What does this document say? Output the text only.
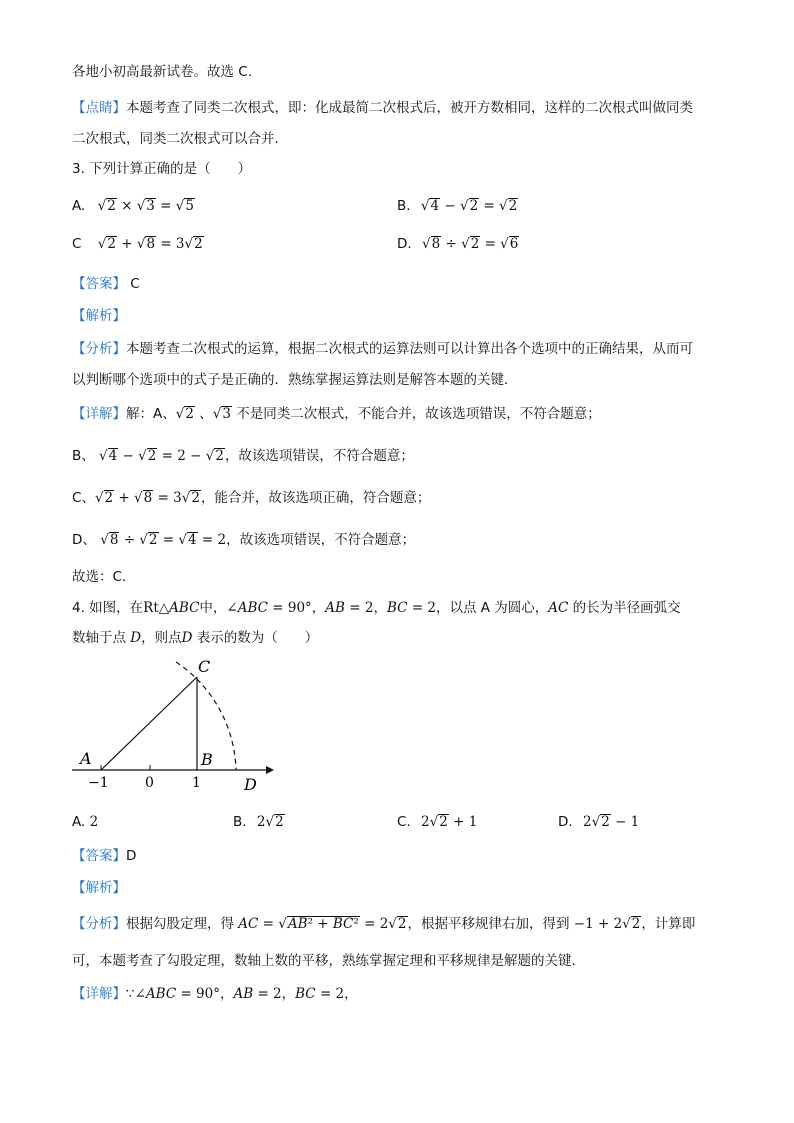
各地小初高最新试卷。故选 C.
【点睛】本题考查了同类二次根式，即：化成最简二次根式后，被开方数相同，这样的二次根式叫做同类
二次根式，同类二次根式可以合并.
3. 下列计算正确的是（　　）
A. √2 × √3 = √5	B. √4 − √2 = √2
C √2 + √8 = 3√2	D. √8 ÷ √2 = √6
【答案】 C
【解析】
【分析】本题考查二次根式的运算，根据二次根式的运算法则可以计算出各个选项中的正确结果，从而可
以判断哪个选项中的式子是正确的．熟练掌握运算法则是解答本题的关键．
【详解】解：A、√2 、√3 不是同类二次根式，不能合并，故该选项错误，不符合题意；
B、 √4 − √2 = 2 − √2，故该选项错误，不符合题意；
C、√2 + √8 = 3√2，能合并，故该选项正确，符合题意；
D、 √8 ÷ √2 = √4 = 2，故该选项错误，不符合题意；
故选：C．
4. 如图，在Rt△ABC中，∠ABC = 90°，AB = 2，BC = 2，以点 A 为圆心，AC 的长为半径画弧交
数轴于点 D，则点D 表示的数为（　　）
C
A	B
D
−1	0	1
A. 2	B. 2√2	C. 2√2 + 1	D. 2√2 − 1
【答案】D
【解析】
【分析】根据勾股定理，得 AC = √AB² + BC² = 2√2，根据平移规律右加，得到 −1 + 2√2，计算即
可，本题考查了勾股定理，数轴上数的平移，熟练掌握定理和平移规律是解题的关键．
【详解】∵∠ABC = 90°，AB = 2，BC = 2，
